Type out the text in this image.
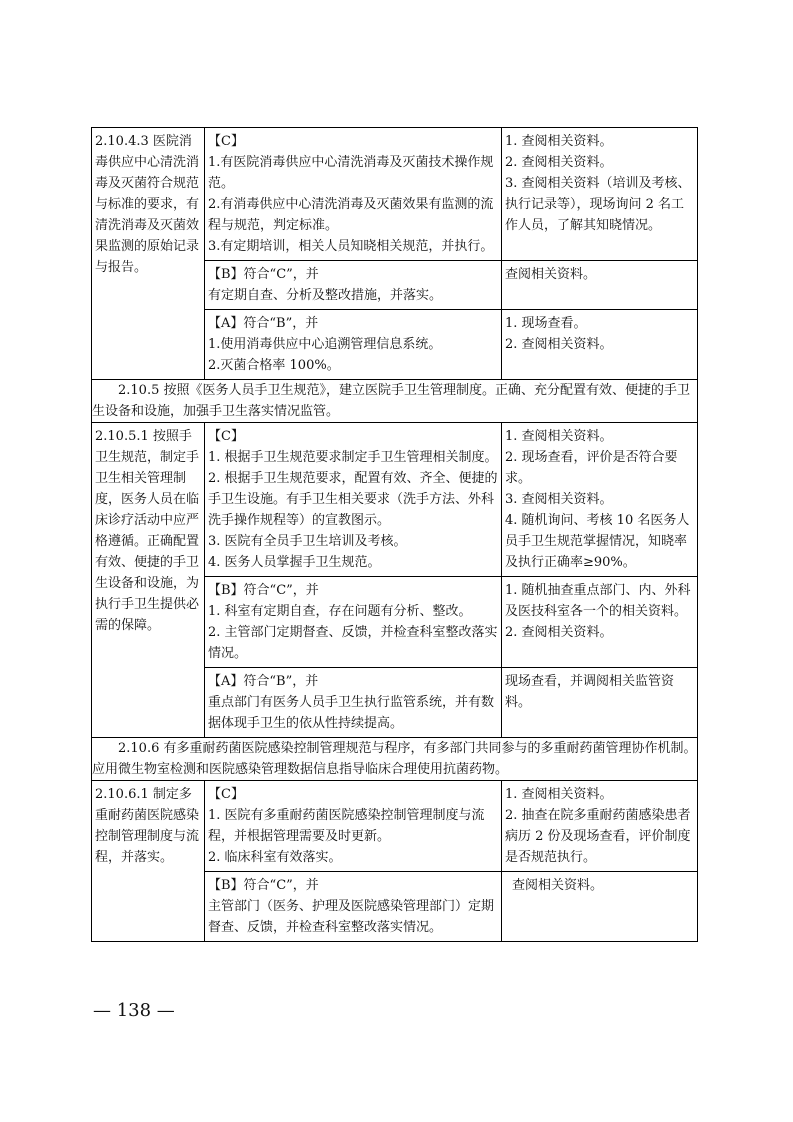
2.10.4.3 医院消毒供应中心清洗消毒及灭菌符合规范与标准的要求，有清洗消毒及灭菌效果监测的原始记录与报告。	【C】
1.有医院消毒供应中心清洗消毒及灭菌技术操作规范。
2.有消毒供应中心清洗消毒及灭菌效果有监测的流程与规范，判定标准。
3.有定期培训，相关人员知晓相关规范，并执行。	1. 查阅相关资料。
2. 查阅相关资料。
3. 查阅相关资料（培训及考核、执行记录等），现场询问 2 名工作人员，了解其知晓情况。

	【B】符合“C”，并
有定期自查、分析及整改措施，并落实。	查阅相关资料。

	【A】符合“B”，并
1.使用消毒供应中心追溯管理信息系统。
2.灭菌合格率 100%。	1. 现场查看。
2. 查阅相关资料。

2.10.5 按照《医务人员手卫生规范》，建立医院手卫生管理制度。正确、充分配置有效、便捷的手卫生设备和设施，加强手卫生落实情况监管。		

2.10.5.1 按照手卫生规范，制定手卫生相关管理制度，医务人员在临床诊疗活动中应严格遵循。正确配置有效、便捷的手卫生设备和设施，为执行手卫生提供必需的保障。	【C】
1. 根据手卫生规范要求制定手卫生管理相关制度。
2. 根据手卫生规范要求，配置有效、齐全、便捷的手卫生设施。有手卫生相关要求（洗手方法、外科洗手操作规程等）的宣教图示。
3. 医院有全员手卫生培训及考核。
4. 医务人员掌握手卫生规范。	1. 查阅相关资料。
2. 现场查看，评价是否符合要求。
3. 查阅相关资料。
4. 随机询问、考核 10 名医务人员手卫生规范掌握情况，知晓率及执行正确率≥90%。

	【B】符合“C”，并
1. 科室有定期自查，存在问题有分析、整改。
2. 主管部门定期督查、反馈，并检查科室整改落实情况。	1. 随机抽查重点部门、内、外科及医技科室各一个的相关资料。
2. 查阅相关资料。

	【A】符合“B”，并
重点部门有医务人员手卫生执行监管系统，并有数据体现手卫生的依从性持续提高。	现场查看，并调阅相关监管资料。

2.10.6 有多重耐药菌医院感染控制管理规范与程序，有多部门共同参与的多重耐药菌管理协作机制。应用微生物室检测和医院感染管理数据信息指导临床合理使用抗菌药物。		

2.10.6.1 制定多重耐药菌医院感染控制管理制度与流程，并落实。	【C】
1. 医院有多重耐药菌医院感染控制管理制度与流程，并根据管理需要及时更新。
2. 临床科室有效落实。	1. 查阅相关资料。
2. 抽查在院多重耐药菌感染患者病历 2 份及现场查看，评价制度是否规范执行。

	【B】符合“C”，并
主管部门（医务、护理及医院感染管理部门）定期督查、反馈，并检查科室整改落实情况。	查阅相关资料。
— 138 —
